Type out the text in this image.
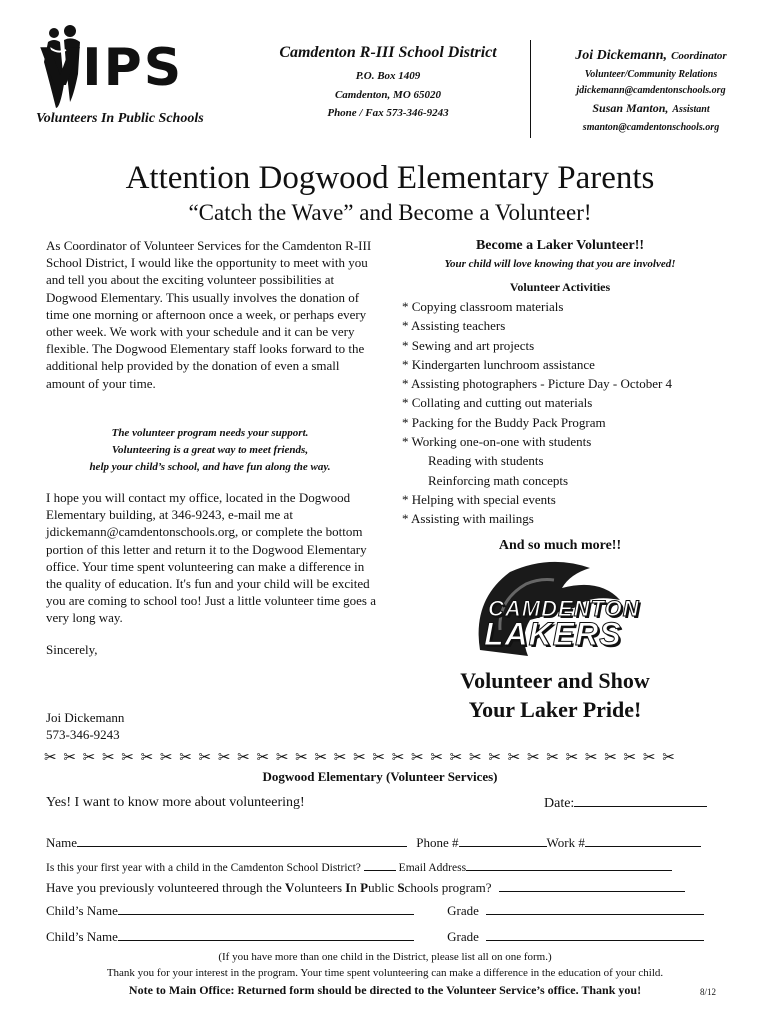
VIPS
Volunteers In Public Schools
Camdenton R-III School District
P.O. Box 1409
Camdenton, MO 65020
Phone / Fax 573-346-9243
Joi Dickemann, Coordinator
Volunteer/Community Relations
jdickemann@camdentonschools.org
Susan Manton, Assistant
smanton@camdentonschools.org
Attention Dogwood Elementary Parents
“Catch the Wave” and Become a Volunteer!
As Coordinator of Volunteer Services for the Camdenton R-III School District, I would like the opportunity to meet with you and tell you about the exciting volunteer possibilities at Dogwood Elementary. This usually involves the donation of time one morning or afternoon once a week, or perhaps every other week. We work with your schedule and it can be very flexible. The Dogwood Elementary staff looks forward to the additional help provided by the donation of even a small amount of your time.
The volunteer program needs your support.
Volunteering is a great way to meet friends,
help your child’s school, and have fun along the way.
I hope you will contact my office, located in the Dogwood Elementary building, at 346-9243, e-mail me at jdickemann@camdentonschools.org, or complete the bottom portion of this letter and return it to the Dogwood Elementary office. Your time spent volunteering can make a difference in the quality of education. It's fun and your child will be excited you are coming to school too! Just a little volunteer time goes a very long way.
Sincerely,
Joi Dickemann
573-346-9243
Become a Laker Volunteer!!
Your child will love knowing that you are involved!
Volunteer Activities
* Copying classroom materials
* Assisting teachers
* Sewing and art projects
* Kindergarten lunchroom assistance
* Assisting photographers - Picture Day - October 4
* Collating and cutting out materials
* Packing for the Buddy Pack Program
* Working one-on-one with students
Reading with students
Reinforcing math concepts
* Helping with special events
* Assisting with mailings
And so much more!!
CAMDENTON
LAKERS
Volunteer and Show
Your Laker Pride!
✂ ✂ ✂ ✂ ✂ ✂ ✂ ✂ ✂ ✂ ✂ ✂ ✂ ✂ ✂ ✂ ✂ ✂ ✂ ✂ ✂ ✂ ✂ ✂ ✂ ✂ ✂ ✂ ✂ ✂ ✂ ✂ ✂
Dogwood Elementary (Volunteer Services)
Yes! I want to know more about volunteering!	Date:
Name	Phone #	Work #
Is this your first year with a child in the Camdenton School District?	Email Address
Have you previously volunteered through the Volunteers In Public Schools program?
Child’s Name	Grade
Child’s Name	Grade
(If you have more than one child in the District, please list all on one form.)
Thank you for your interest in the program. Your time spent volunteering can make a difference in the education of your child.
Note to Main Office: Returned form should be directed to the Volunteer Service’s office. Thank you!	8/12
